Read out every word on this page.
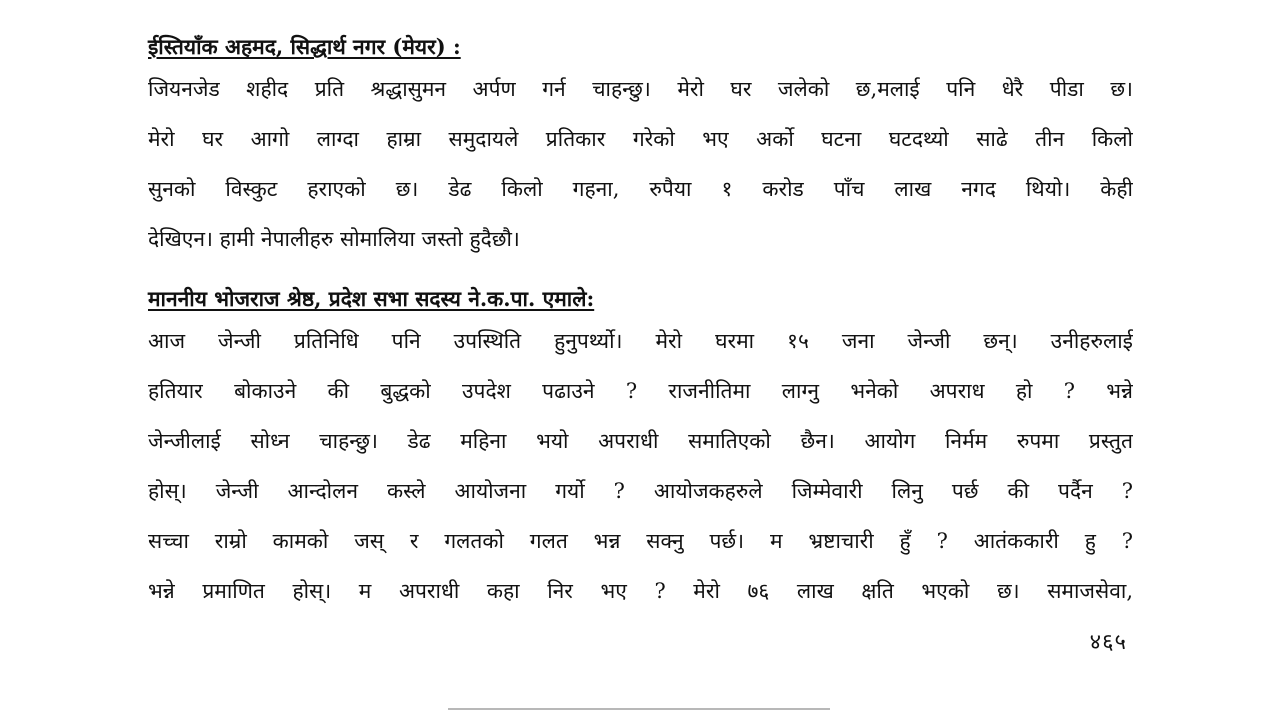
ईस्तियाँक अहमद, सिद्धार्थ नगर (मेयर) :
जियनजेड शहीद प्रति श्रद्धासुमन अर्पण गर्न चाहन्छु। मेरो घर जलेको छ,मलाई पनि धेरै पीडा छ।
मेरो घर आगो लाग्दा हाम्रा समुदायले प्रतिकार गरेको भए अर्को घटना घटदथ्यो साढे तीन किलो
सुनको विस्कुट हराएको छ। डेढ किलो गहना, रुपैया १ करोड पाँच लाख नगद थियो। केही
देखिएन। हामी नेपालीहरु सोमालिया जस्तो हुदैछौ।
माननीय भोजराज श्रेष्ठ, प्रदेश सभा सदस्य ने.क.पा. एमाले:
आज जेन्जी प्रतिनिधि पनि उपस्थिति हुनुपर्थ्यो। मेरो घरमा १५ जना जेन्जी छन्। उनीहरुलाई
हतियार बोकाउने की बुद्धको उपदेश पढाउने ? राजनीतिमा लाग्नु भनेको अपराध हो ? भन्ने
जेन्जीलाई सोध्न चाहन्छु। डेढ महिना भयो अपराधी समातिएको छैन। आयोग निर्मम रुपमा प्रस्तुत
होस्। जेन्जी आन्दोलन कस्ले आयोजना गर्यो ? आयोजकहरुले जिम्मेवारी लिनु पर्छ की पर्दैन ?
सच्चा राम्रो कामको जस् र गलतको गलत भन्न सक्नु पर्छ। म भ्रष्टाचारी हुँ ? आतंककारी हु ?
भन्ने प्रमाणित होस्। म अपराधी कहा निर भए ? मेरो ७६ लाख क्षति भएको छ। समाजसेवा,
४६५
